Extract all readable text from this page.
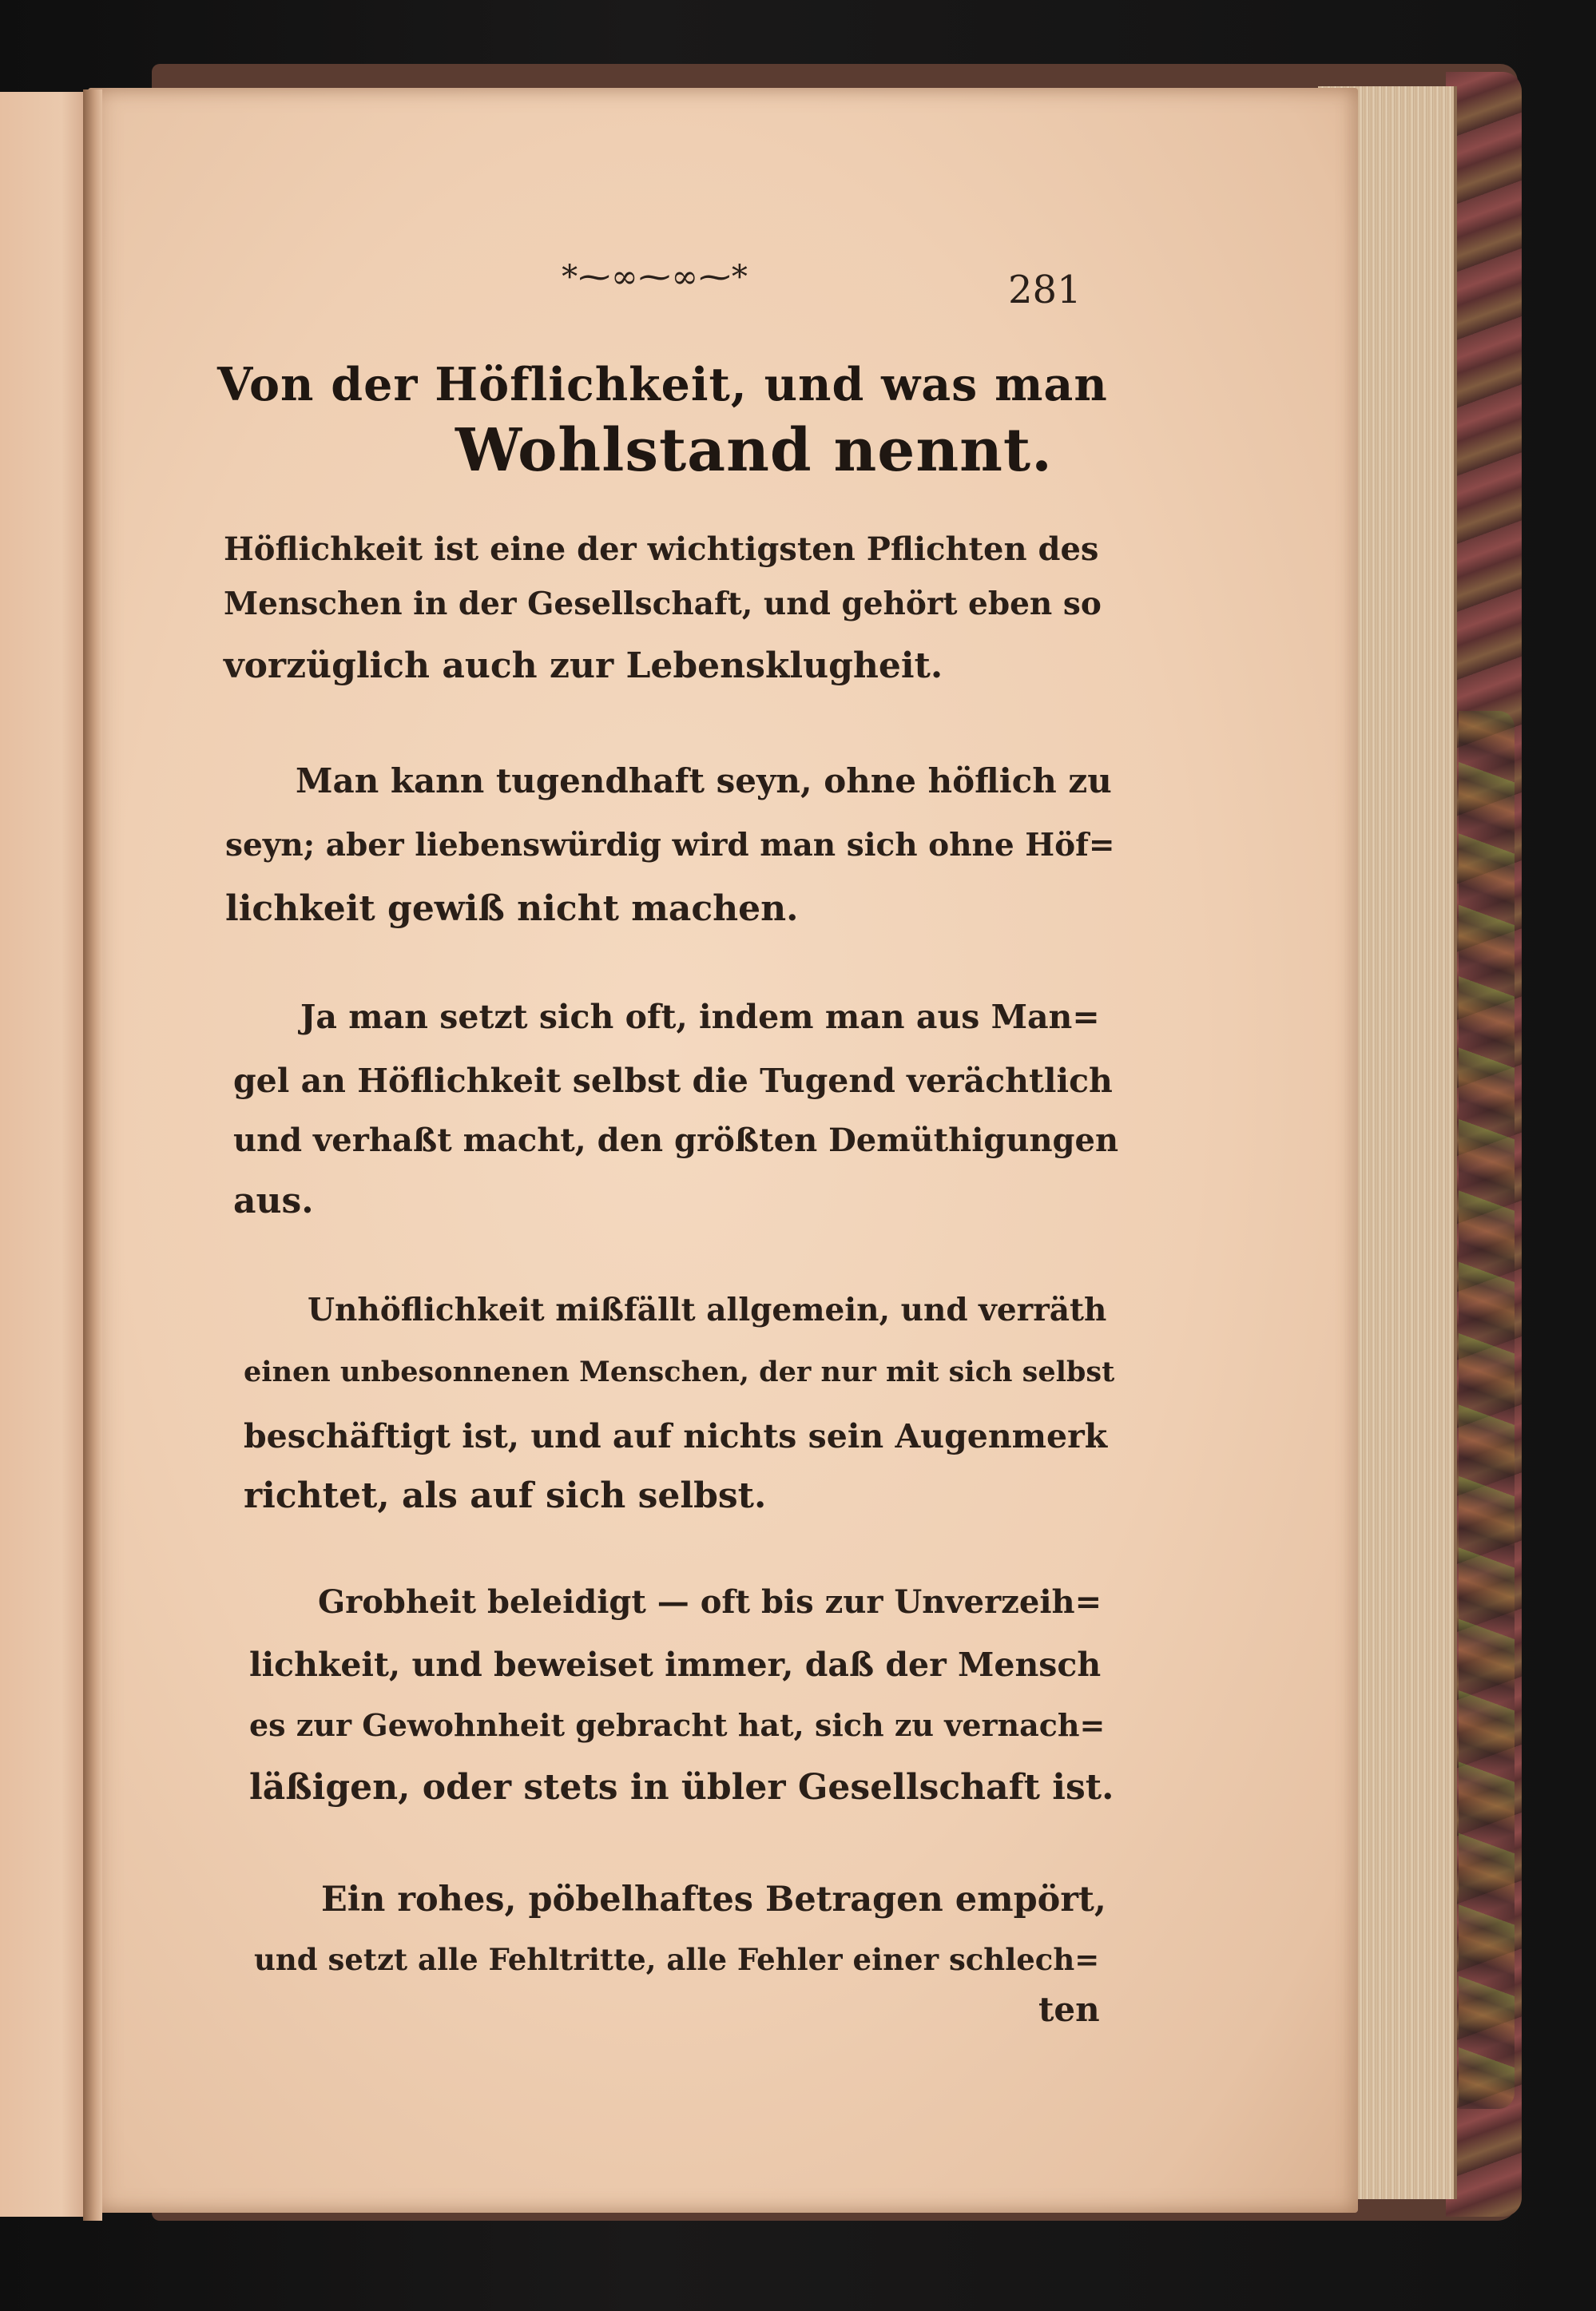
*⁓∞⁓∞⁓*	281
Von der Höflichkeit, und was man
Wohlstand nennt.
Höflichkeit ist eine der wichtigsten Pflichten des
Menschen in der Gesellschaft, und gehört eben so
vorzüglich auch zur Lebensklugheit.
Man kann tugendhaft seyn, ohne höflich zu
seyn; aber liebenswürdig wird man sich ohne Höf=
lichkeit gewiß nicht machen.
Ja man setzt sich oft, indem man aus Man=
gel an Höflichkeit selbst die Tugend verächtlich
und verhaßt macht, den größten Demüthigungen
aus.
Unhöflichkeit mißfällt allgemein, und verräth
einen unbesonnenen Menschen, der nur mit sich selbst
beschäftigt ist, und auf nichts sein Augenmerk
richtet, als auf sich selbst.
Grobheit beleidigt — oft bis zur Unverzeih=
lichkeit, und beweiset immer, daß der Mensch
es zur Gewohnheit gebracht hat, sich zu vernach=
läßigen, oder stets in übler Gesellschaft ist.
Ein rohes, pöbelhaftes Betragen empört,
und setzt alle Fehltritte, alle Fehler einer schlech=
ten
